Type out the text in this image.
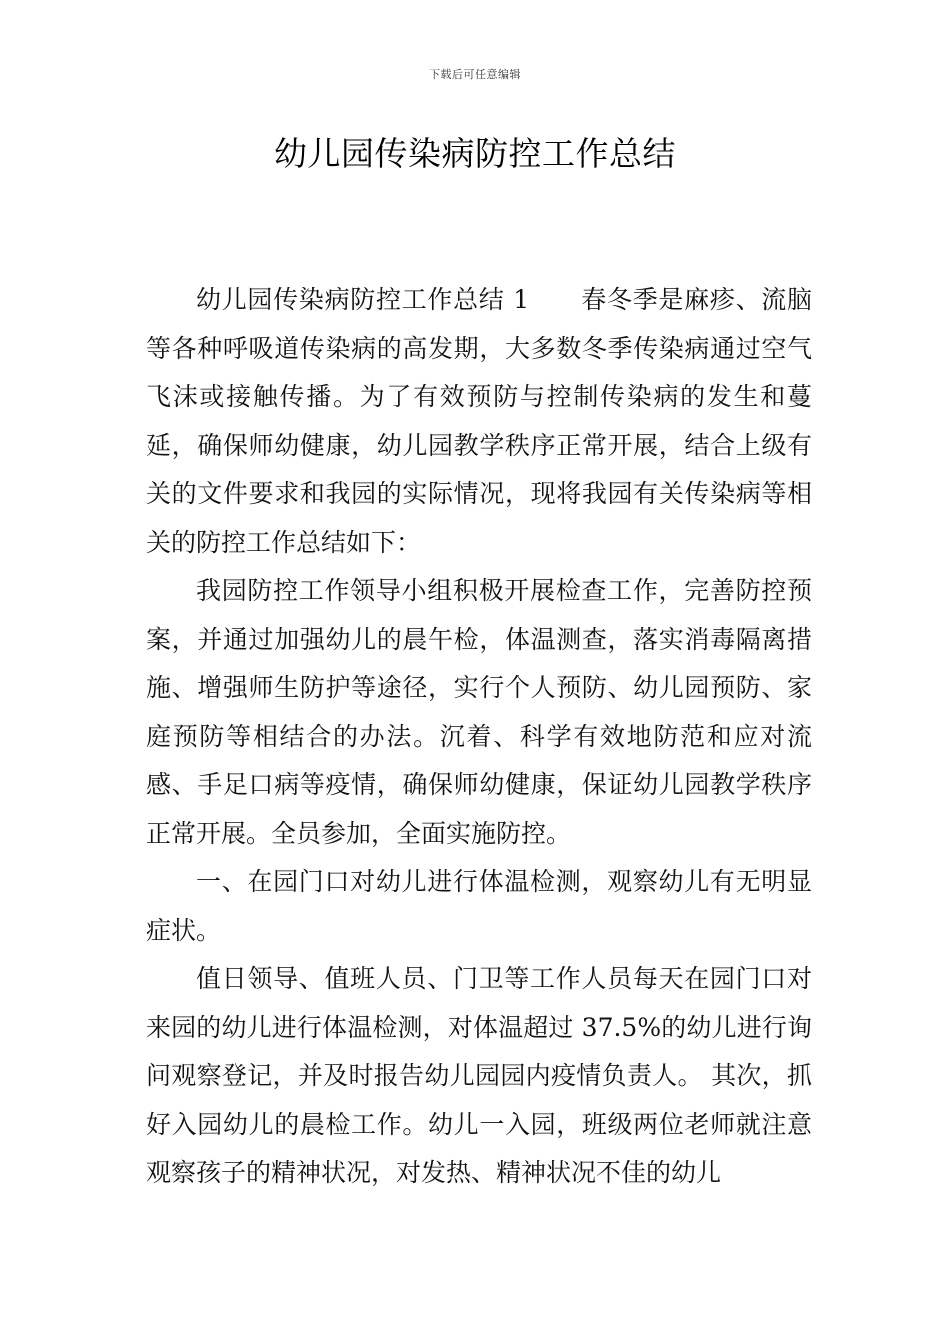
下载后可任意编辑
幼儿园传染病防控工作总结

幼儿园传染病防控工作总结 1　　春冬季是麻疹、流脑等各种呼吸道传染病的高发期，大多数冬季传染病通过空气飞沫或接触传播。为了有效预防与控制传染病的发生和蔓延，确保师幼健康，幼儿园教学秩序正常开展，结合上级有关的文件要求和我园的实际情况，现将我园有关传染病等相关的防控工作总结如下：

我园防控工作领导小组积极开展检查工作，完善防控预案，并通过加强幼儿的晨午检，体温测查，落实消毒隔离措施、增强师生防护等途径，实行个人预防、幼儿园预防、家庭预防等相结合的办法。沉着、科学有效地防范和应对流感、手足口病等疫情，确保师幼健康，保证幼儿园教学秩序正常开展。全员参加，全面实施防控。

一、在园门口对幼儿进行体温检测，观察幼儿有无明显症状。

值日领导、值班人员、门卫等工作人员每天在园门口对来园的幼儿进行体温检测，对体温超过 37.5%的幼儿进行询问观察登记，并及时报告幼儿园园内疫情负责人。 其次，抓好入园幼儿的晨检工作。幼儿一入园，班级两位老师就注意观察孩子的精神状况，对发热、精神状况不佳的幼儿
